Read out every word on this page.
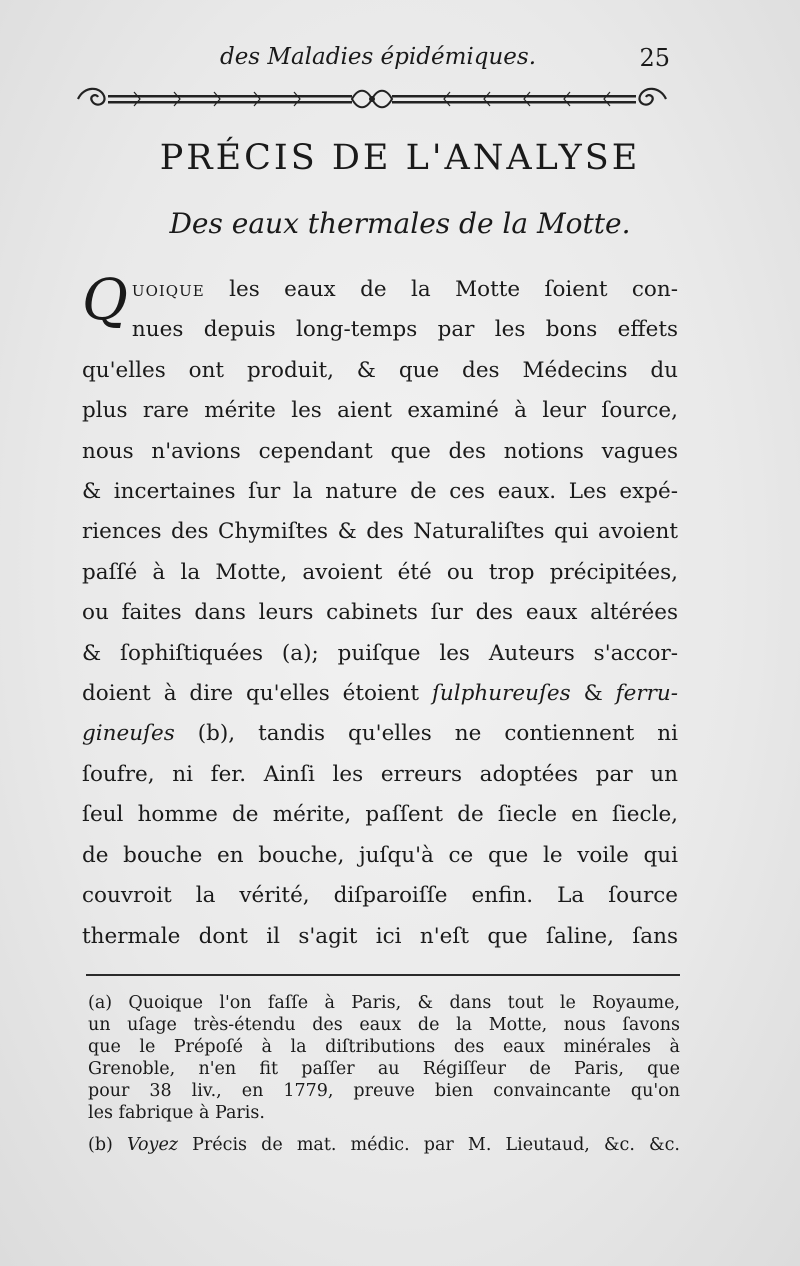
des Maladies épidémiques.	25
PRÉCIS DE L'ANALYSE
Des eaux thermales de la Motte.
Q uoique les eaux de la Motte ſoient con-
nues depuis long-temps par les bons effets
qu'elles ont produit, & que des Médecins du
plus rare mérite les aient examiné à leur ſource,
nous n'avions cependant que des notions vagues
& incertaines ſur la nature de ces eaux. Les expé-
riences des Chymiſtes & des Naturaliſtes qui avoient
paſſé à la Motte, avoient été ou trop précipitées,
ou faites dans leurs cabinets ſur des eaux altérées
& ſophiſtiquées (a); puiſque les Auteurs s'accor-
doient à dire qu'elles étoient ſulphureuſes & ferru-
gineuſes (b), tandis qu'elles ne contiennent ni
ſoufre, ni fer. Ainſi les erreurs adoptées par un
ſeul homme de mérite, paſſent de ſiecle en ſiecle,
de bouche en bouche, juſqu'à ce que le voile qui
couvroit la vérité, diſparoiſſe enfin. La ſource
thermale dont il s'agit ici n'eſt que ſaline, ſans
(a) Quoique l'on faſſe à Paris, & dans tout le Royaume,
un uſage très-étendu des eaux de la Motte, nous ſavons
que le Prépoſé à la diſtributions des eaux minérales à
Grenoble, n'en fit paſſer au Régiſſeur de Paris, que
pour 38 liv., en 1779, preuve bien convaincante qu'on
les fabrique à Paris.
(b) Voyez Précis de mat. médic. par M. Lieutaud, &c. &c.
